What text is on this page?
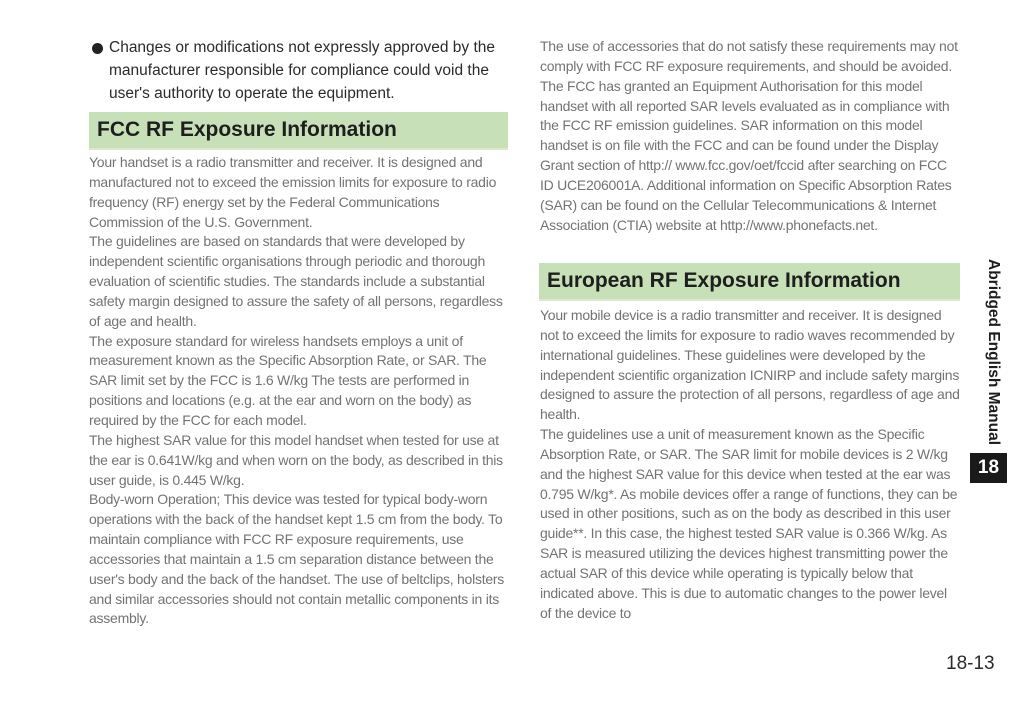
Changes or modifications not expressly approved by the manufacturer responsible for compliance could void the user's authority to operate the equipment.

FCC RF Exposure Information
Your handset is a radio transmitter and receiver. It is designed and manufactured not to exceed the emission limits for exposure to radio frequency (RF) energy set by the Federal Communications Commission of the U.S. Government.
The guidelines are based on standards that were developed by independent scientific organisations through periodic and thorough evaluation of scientific studies. The standards include a substantial safety margin designed to assure the safety of all persons, regardless of age and health.
The exposure standard for wireless handsets employs a unit of measurement known as the Specific Absorption Rate, or SAR. The SAR limit set by the FCC is 1.6 W/kg The tests are performed in positions and locations (e.g. at the ear and worn on the body) as required by the FCC for each model.
The highest SAR value for this model handset when tested for use at the ear is 0.641W/kg and when worn on the body, as described in this user guide, is 0.445 W/kg.
Body-worn Operation; This device was tested for typical body-worn operations with the back of the handset kept 1.5 cm from the body. To maintain compliance with FCC RF exposure requirements, use accessories that maintain a 1.5 cm separation distance between the user's body and the back of the handset. The use of beltclips, holsters and similar accessories should not contain metallic components in its assembly.
The use of accessories that do not satisfy these requirements may not comply with FCC RF exposure requirements, and should be avoided. The FCC has granted an Equipment Authorisation for this model handset with all reported SAR levels evaluated as in compliance with the FCC RF emission guidelines. SAR information on this model handset is on file with the FCC and can be found under the Display Grant section of http:// www.fcc.gov/oet/fccid after searching on FCC ID UCE206001A. Additional information on Specific Absorption Rates (SAR) can be found on the Cellular Telecommunications & Internet Association (CTIA) website at http://www.phonefacts.net.
European RF Exposure Information
Your mobile device is a radio transmitter and receiver. It is designed not to exceed the limits for exposure to radio waves recommended by international guidelines. These guidelines were developed by the independent scientific organization ICNIRP and include safety margins designed to assure the protection of all persons, regardless of age and health.
The guidelines use a unit of measurement known as the Specific Absorption Rate, or SAR. The SAR limit for mobile devices is 2 W/kg and the highest SAR value for this device when tested at the ear was 0.795 W/kg*. As mobile devices offer a range of functions, they can be used in other positions, such as on the body as described in this user guide**. In this case, the highest tested SAR value is 0.366 W/kg. As SAR is measured utilizing the devices highest transmitting power the actual SAR of this device while operating is typically below that indicated above. This is due to automatic changes to the power level of the device to
Abridged English Manual
18
18-13
